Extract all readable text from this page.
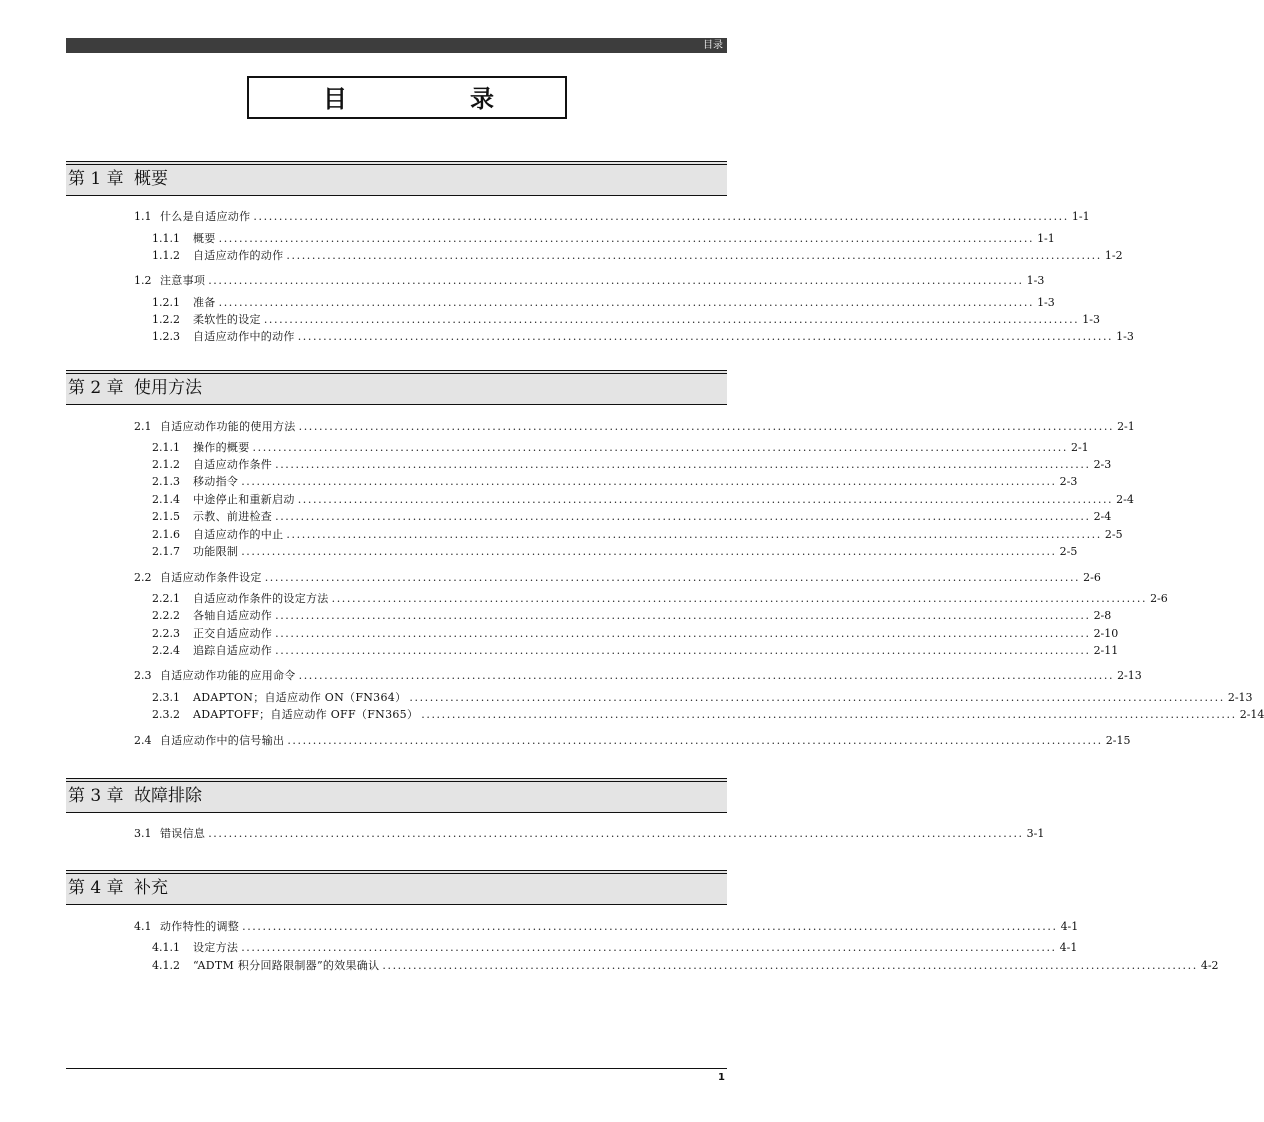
目录
目	录
第 1 章 概要
1.1 什么是自适应动作 ................................................................................................................................................................ 1-1
1.1.1	概要 ................................................................................................................................................................ 1-1
1.1.2	自适应动作的动作 ................................................................................................................................................................ 1-2
1.2 注意事项 ................................................................................................................................................................ 1-3
1.2.1	准备 ................................................................................................................................................................ 1-3
1.2.2	柔软性的设定 ................................................................................................................................................................ 1-3
1.2.3	自适应动作中的动作 ................................................................................................................................................................ 1-3
第 2 章 使用方法
2.1 自适应动作功能的使用方法 ................................................................................................................................................................ 2-1
2.1.1	操作的概要 ................................................................................................................................................................ 2-1
2.1.2	自适应动作条件 ................................................................................................................................................................ 2-3
2.1.3	移动指令 ................................................................................................................................................................ 2-3
2.1.4	中途停止和重新启动 ................................................................................................................................................................ 2-4
2.1.5	示教、前进检查 ................................................................................................................................................................ 2-4
2.1.6	自适应动作的中止 ................................................................................................................................................................ 2-5
2.1.7	功能限制 ................................................................................................................................................................ 2-5
2.2 自适应动作条件设定 ................................................................................................................................................................ 2-6
2.2.1	自适应动作条件的设定方法 ................................................................................................................................................................ 2-6
2.2.2	各轴自适应动作 ................................................................................................................................................................ 2-8
2.2.3	正交自适应动作 ................................................................................................................................................................ 2-10
2.2.4	追踪自适应动作 ................................................................................................................................................................ 2-11
2.3 自适应动作功能的应用命令 ................................................................................................................................................................ 2-13
2.3.1	ADAPTON；自适应动作 ON（FN364） ................................................................................................................................................................ 2-13
2.3.2	ADAPTOFF；自适应动作 OFF（FN365） ................................................................................................................................................................ 2-14
2.4 自适应动作中的信号输出 ................................................................................................................................................................ 2-15
第 3 章 故障排除
3.1 错误信息 ................................................................................................................................................................ 3-1
第 4 章 补充
4.1 动作特性的调整 ................................................................................................................................................................ 4-1
4.1.1	设定方法 ................................................................................................................................................................ 4-1
4.1.2	“ADTM 积分回路限制器”的效果确认 ................................................................................................................................................................ 4-2
1
